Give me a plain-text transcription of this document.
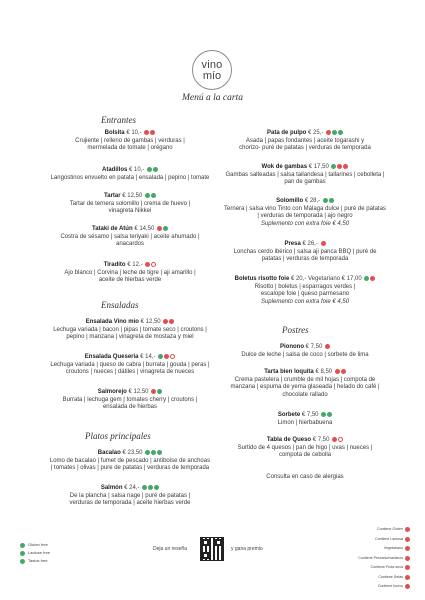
vino
mío
Menú a la carta
Entrantes
Bolsita € 10,-
Crujiente | relleno de gambas | verduras |
mermelada de tomate | orégano
Atadillos € 10,-
Langostinos envuelto en patata | ensalada | pepino | tomate
Tartar € 12,50
Tartar de ternera solomillo | crema de huevo |
vinagreta Nikkei
Tataki de Atún € 14,50
Costra de sésamo | salsa teriyaki | aceite ahumado |
anacardos
Tiradito € 12,-
Ajo blanco | Corvina | leche de tigre | aji amarillo |
aceite de hierbas verde
Ensaladas
Ensalada Vino mio € 12,50
Lechuga variada | bacon | pipas | tomate seco | croutons |
pepino | manzana | vinagreta de mostaza y miel
Ensalada Queseria € 14,-
Lechuga variada | queso de cabra | burrata | gouda | peras |
croutons | nueces | dátiles | vinagreta de nueces
Salmorejo € 12,50
Burrata | lechuga gem | tomates cherry | croutons |
ensalada de hierbas
Platos principales
Bacalao € 23,50
Lomo de bacalao | fumet de pescado | antiboise de anchoas
| tomates | olivas | pure de patatas | verduras de temporada
Salmón € 24,-
De la plancha | salsa nage | puré de patatas |
verduras de temporada | aceite hierbas verde
Pata de pulpo € 25,-
Asada | papas fondantes | aceite togarashi y
chorizo- puré de patatas | verduras de temporada
Wok de gambas € 17,50
Gambas salteadas | salsa tailandesa | tallarines | cebolleta |
pan de gambas
Solomillo € 28,-
Ternera | salsa vino Tinto con Málaga dulce | puré de patatas
| verduras de temporada | ajo negro
Suplemento con extra foie € 4,50
Presa € 26,-
Lonchas cerdo ibérico | salsa aji panca BBQ | puré de
patatas | verduras de temporada
Boletus risotto foie € 20,- Vegetariano € 17,00
Risotto | boletus | esparragos verdes |
escalope foie | queso parmesano
Suplemento con extra foie € 4,50
Postres
Pionono € 7,50
Dulce de leche | salsa de coco | sorbete de lima
Tarta bien loquita € 8,50
Crema pastelera | crumble de mil hojas | compota de
manzana | espuma de yema glaseada | helado do café |
chocolate rallado
Sorbete € 7,50
Limon | hierbabuena
Tabla de Queso € 7,50
Surtido de 4 quesos | pan de higo | uvas | nueces |
compota de cebolla
Consulta en caso de alergias
Gluten free
Lactose free
Tastos free
Deja un reseña	y gana premio
Contiene Gluten
Contiene Lactosa
Vegetariano
Contiene Pescado/mariscos
Contiene Fruta seca
Contiene Setas
Contiene huevo
